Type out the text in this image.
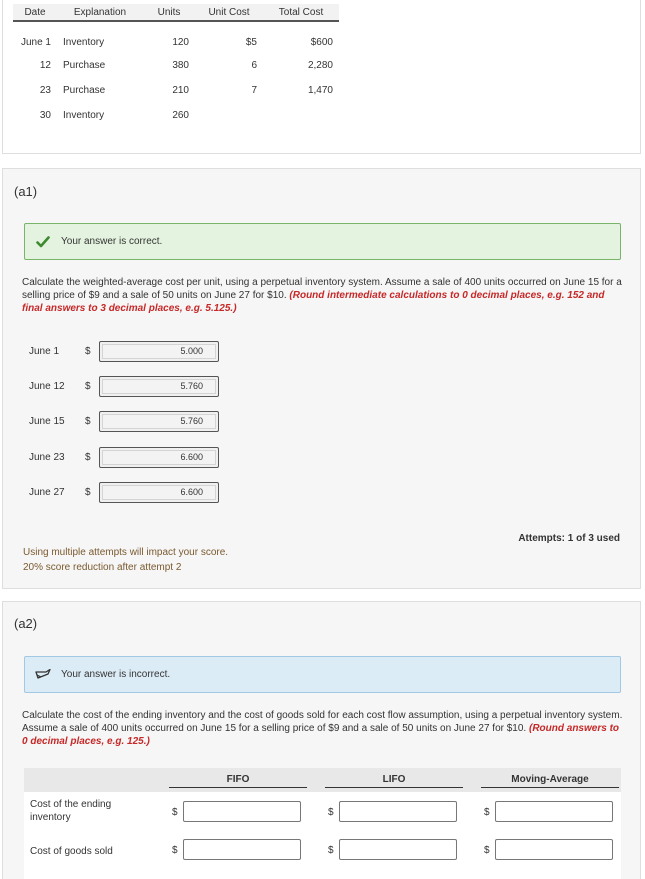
Date	Explanation	Units	Unit Cost	Total Cost
June 1	Inventory	120	$5	$600
12	Purchase	380	6	2,280
23	Purchase	210	7	1,470
30	Inventory	260		
(a1)
Your answer is correct.
Calculate the weighted-average cost per unit, using a perpetual inventory system. Assume a sale of 400 units occurred on June 15 for a selling price of $9 and a sale of 50 units on June 27 for $10. (Round intermediate calculations to 0 decimal places, e.g. 152 and final answers to 3 decimal places, e.g. 5.125.)
June 1	$	5.000
June 12	$	5.760
June 15	$	5.760
June 23	$	6.600
June 27	$	6.600
Attempts: 1 of 3 used
Using multiple attempts will impact your score.
20% score reduction after attempt 2
(a2)
Your answer is incorrect.
Calculate the cost of the ending inventory and the cost of goods sold for each cost flow assumption, using a perpetual inventory system. Assume a sale of 400 units occurred on June 15 for a selling price of $9 and a sale of 50 units on June 27 for $10. (Round answers to 0 decimal places, e.g. 125.)
FIFO	LIFO	Moving-Average
Cost of the ending
inventory	$	$	$
Cost of goods sold	$	$	$
